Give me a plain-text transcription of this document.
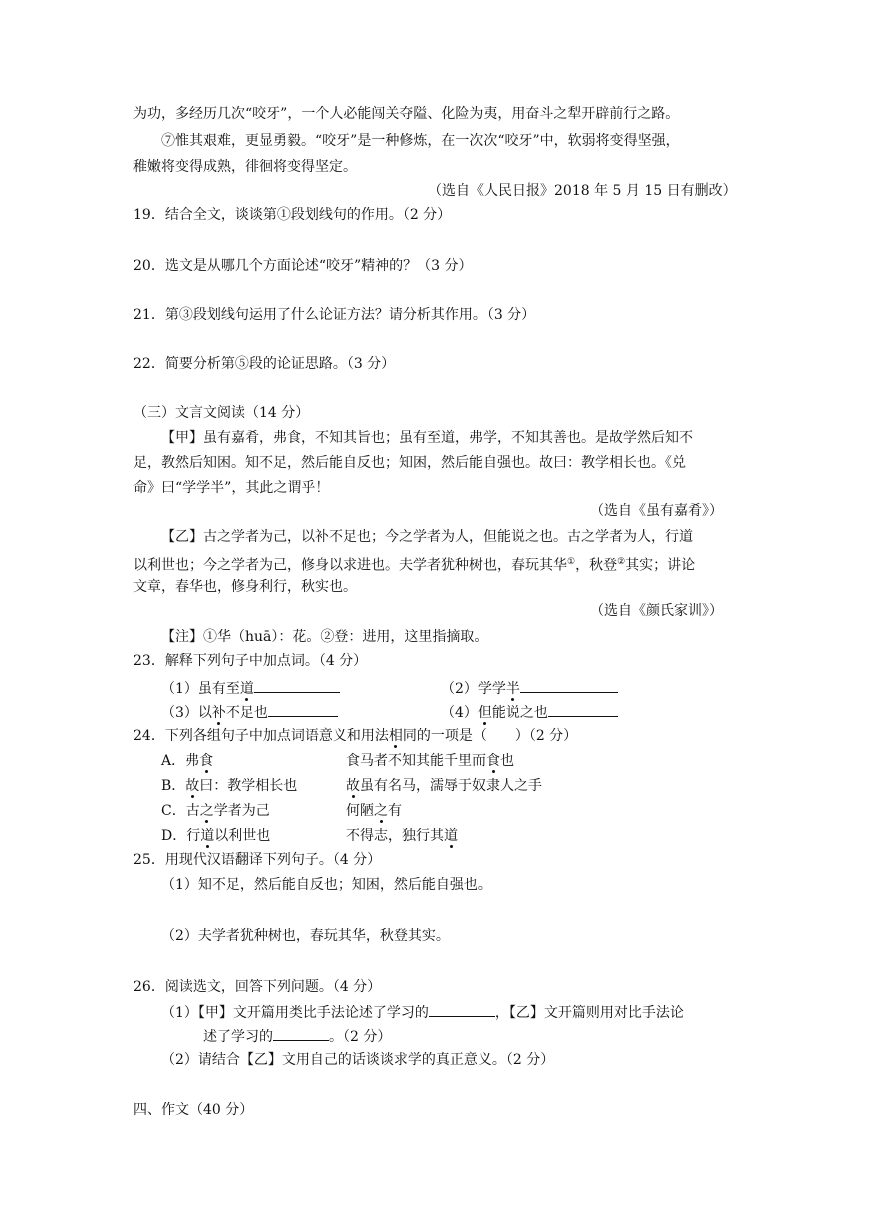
为功，多经历几次“咬牙”，一个人必能闯关夺隘、化险为夷，用奋斗之犁开辟前行之路。
⑦惟其艰难，更显勇毅。“咬牙”是一种修炼，在一次次“咬牙”中，软弱将变得坚强，
稚嫩将变得成熟，徘徊将变得坚定。
（选自《人民日报》2018 年 5 月 15 日有删改）
19．结合全文，谈谈第①段划线句的作用。（2 分）
20．选文是从哪几个方面论述“咬牙”精神的？（3 分）
21．第③段划线句运用了什么论证方法？请分析其作用。（3 分）
22．简要分析第⑤段的论证思路。（3 分）
（三）文言文阅读（14 分）
【甲】虽有嘉肴，弗食，不知其旨也；虽有至道，弗学，不知其善也。是故学然后知不
足，教然后知困。知不足，然后能自反也；知困，然后能自强也。故曰：教学相长也。《兑
命》曰“学学半”，其此之谓乎！
（选自《虽有嘉肴》）
【乙】古之学者为己，以补不足也；今之学者为人，但能说之也。古之学者为人，行道
以利世也；今之学者为己，修身以求进也。夫学者犹种树也，春玩其华①，秋登②其实；讲论
文章，春华也，修身利行，秋实也。
（选自《颜氏家训》）
【注】①华（huā）：花。②登：进用，这里指摘取。
23．解释下列句子中加点词。（4 分）
（1）虽有至道	（2）学学半
（3）以补不足也	（4）但能说之也
24．下列各组句子中加点词语意义和用法相同的一项是（　　）（2 分）
A．弗食	食马者不知其能千里而食也
B．故曰：教学相长也	故虽有名马，濡辱于奴隶人之手
C．古之学者为己	何陋之有
D．行道以利世也	不得志，独行其道
25．用现代汉语翻译下列句子。（4 分）
（1）知不足，然后能自反也；知困，然后能自强也。
（2）夫学者犹种树也，春玩其华，秋登其实。
26．阅读选文，回答下列问题。（4 分）
（1）【甲】文开篇用类比手法论述了学习的	，【乙】文开篇则用对比手法论
述了学习的	。（2 分）
（2）请结合【乙】文用自己的话谈谈求学的真正意义。（2 分）
四、作文（40 分）
